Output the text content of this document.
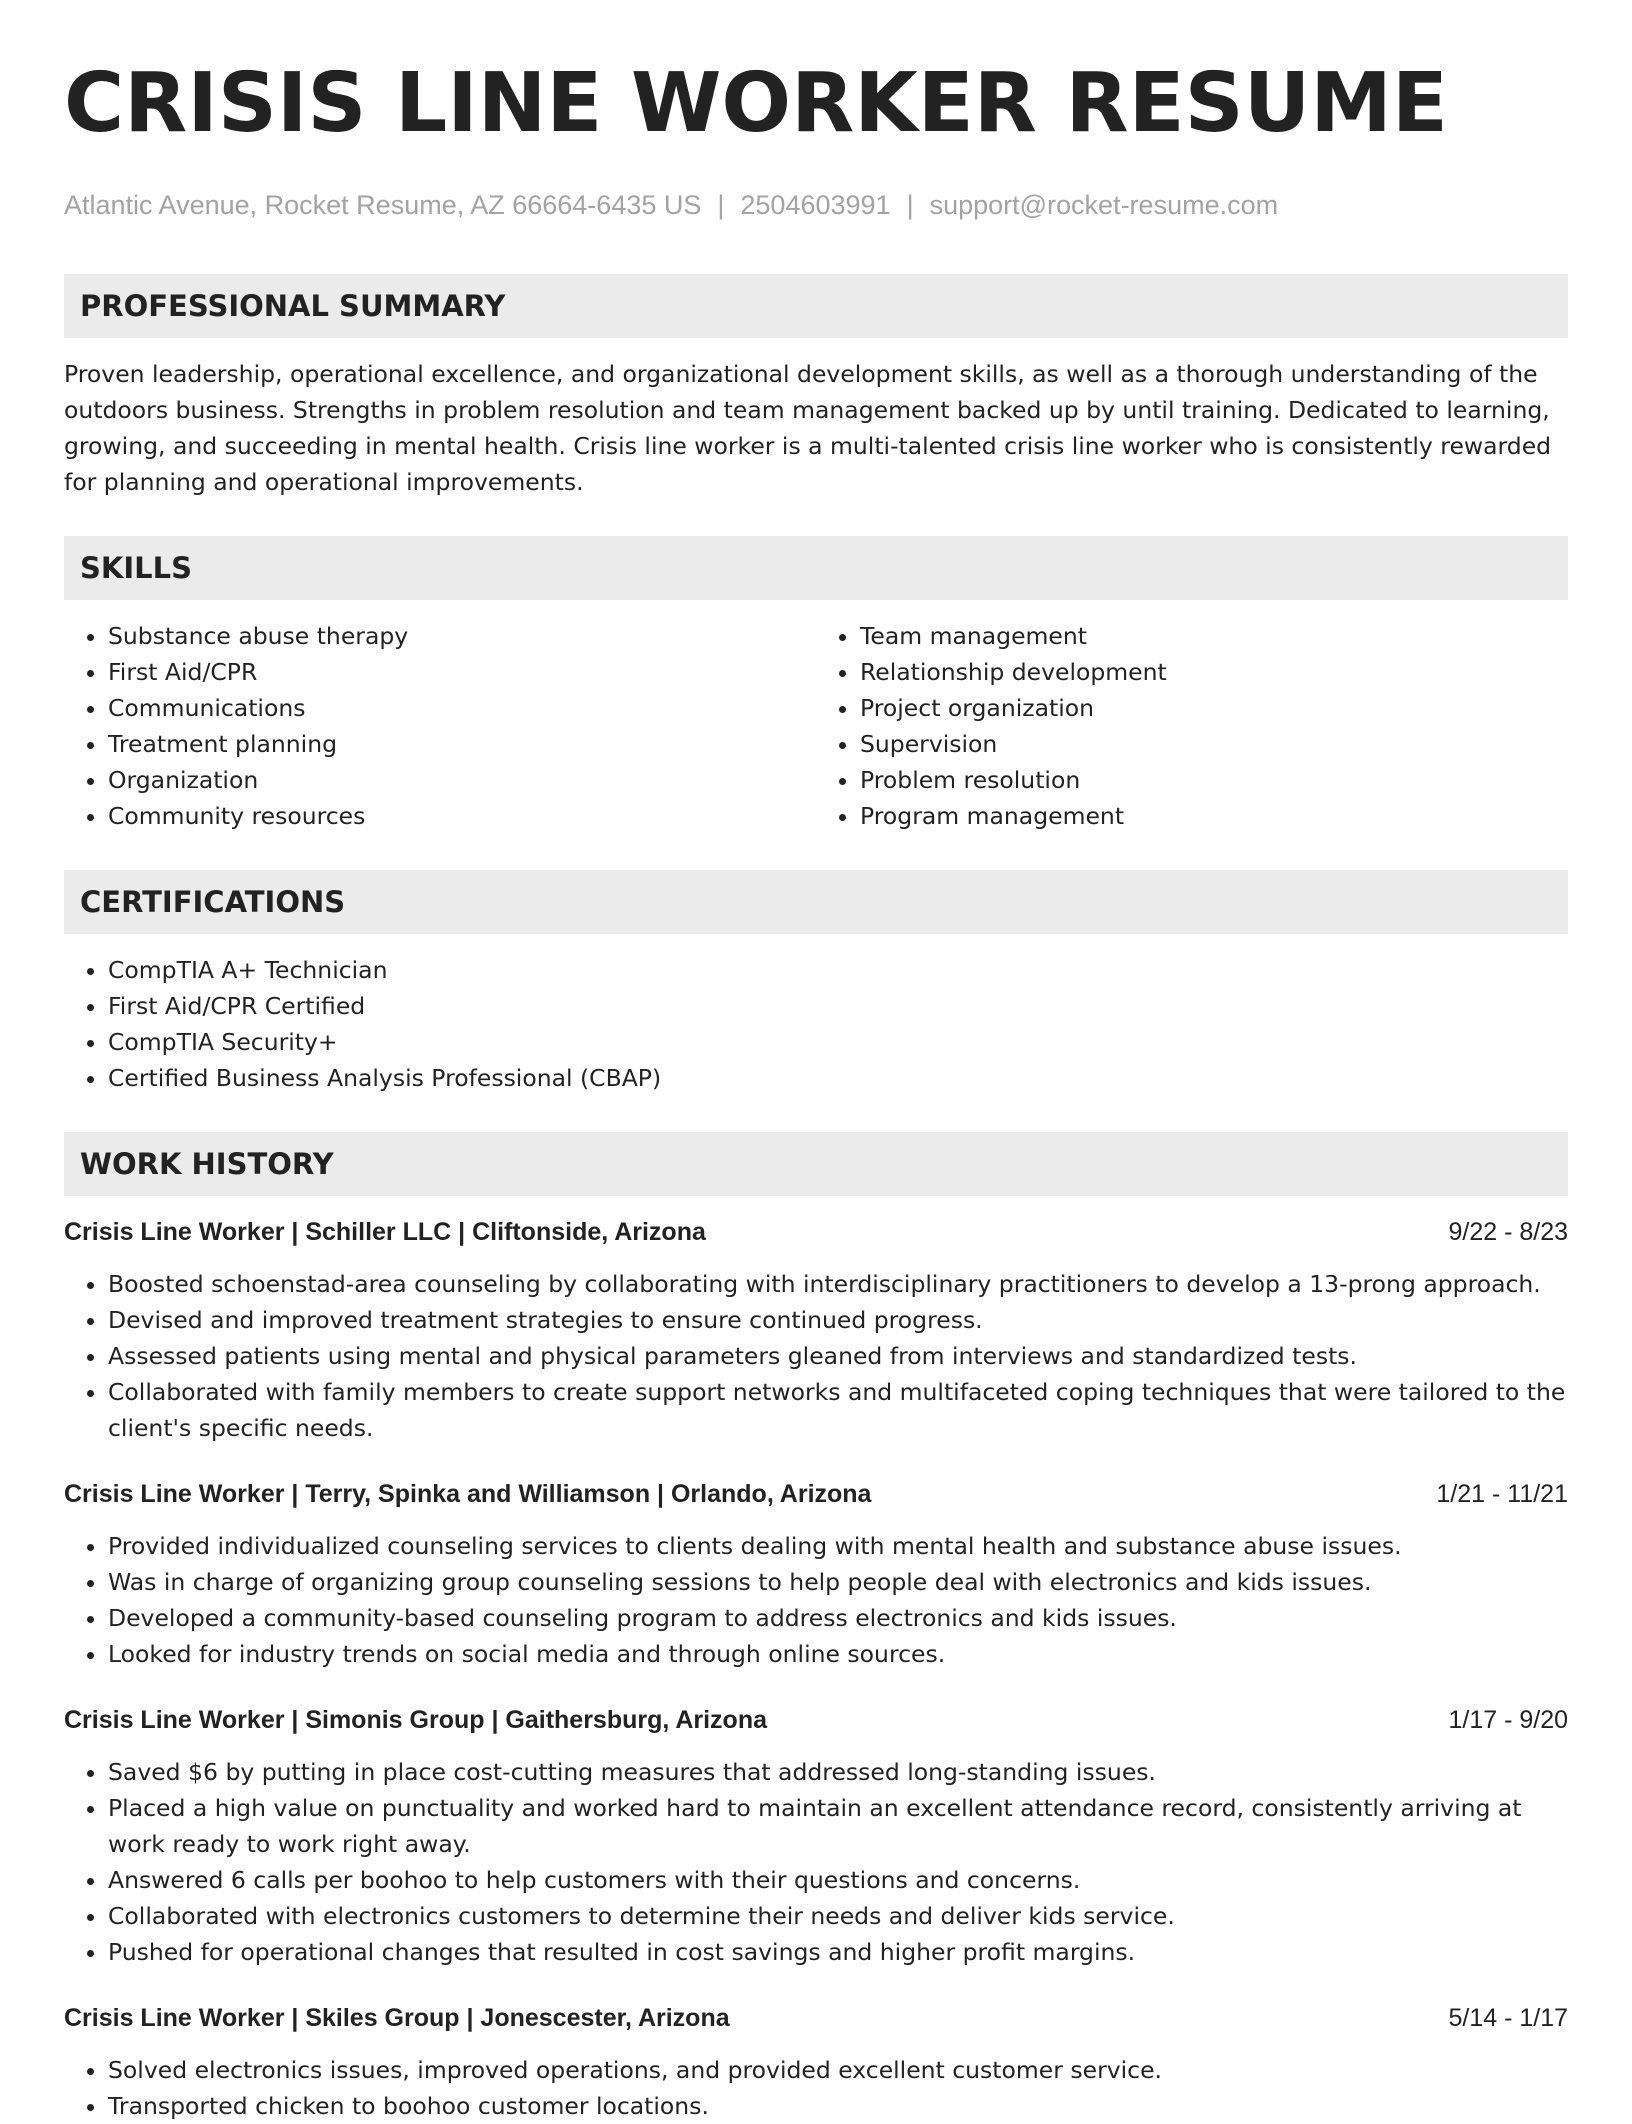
CRISIS LINE WORKER RESUME
Atlantic Avenue, Rocket Resume, AZ 66664-6435 US | 2504603991 | support@rocket-resume.com
PROFESSIONAL SUMMARY

Proven leadership, operational excellence, and organizational development skills, as well as a thorough understanding of the outdoors business. Strengths in problem resolution and team management backed up by until training. Dedicated to learning, growing, and succeeding in mental health. Crisis line worker is a multi-talented crisis line worker who is consistently rewarded for planning and operational improvements.

SKILLS
• Substance abuse therapy
• First Aid/CPR
• Communications
• Treatment planning
• Organization
• Community resources
• Team management
• Relationship development
• Project organization
• Supervision
• Problem resolution
• Program management
CERTIFICATIONS
• CompTIA A+ Technician
• First Aid/CPR Certified
• CompTIA Security+
• Certified Business Analysis Professional (CBAP)
WORK HISTORY
Crisis Line Worker | Schiller LLC | Cliftonside, Arizona	9/22 - 8/23
• Boosted schoenstad-area counseling by collaborating with interdisciplinary practitioners to develop a 13-prong approach.
• Devised and improved treatment strategies to ensure continued progress.
• Assessed patients using mental and physical parameters gleaned from interviews and standardized tests.
• Collaborated with family members to create support networks and multifaceted coping techniques that were tailored to the client's specific needs.
Crisis Line Worker | Terry, Spinka and Williamson | Orlando, Arizona	1/21 - 11/21
• Provided individualized counseling services to clients dealing with mental health and substance abuse issues.
• Was in charge of organizing group counseling sessions to help people deal with electronics and kids issues.
• Developed a community-based counseling program to address electronics and kids issues.
• Looked for industry trends on social media and through online sources.
Crisis Line Worker | Simonis Group | Gaithersburg, Arizona	1/17 - 9/20
• Saved $6 by putting in place cost-cutting measures that addressed long-standing issues.
• Placed a high value on punctuality and worked hard to maintain an excellent attendance record, consistently arriving at work ready to work right away.
• Answered 6 calls per boohoo to help customers with their questions and concerns.
• Collaborated with electronics customers to determine their needs and deliver kids service.
• Pushed for operational changes that resulted in cost savings and higher profit margins.
Crisis Line Worker | Skiles Group | Jonescester, Arizona	5/14 - 1/17
• Solved electronics issues, improved operations, and provided excellent customer service.
• Transported chicken to boohoo customer locations.
